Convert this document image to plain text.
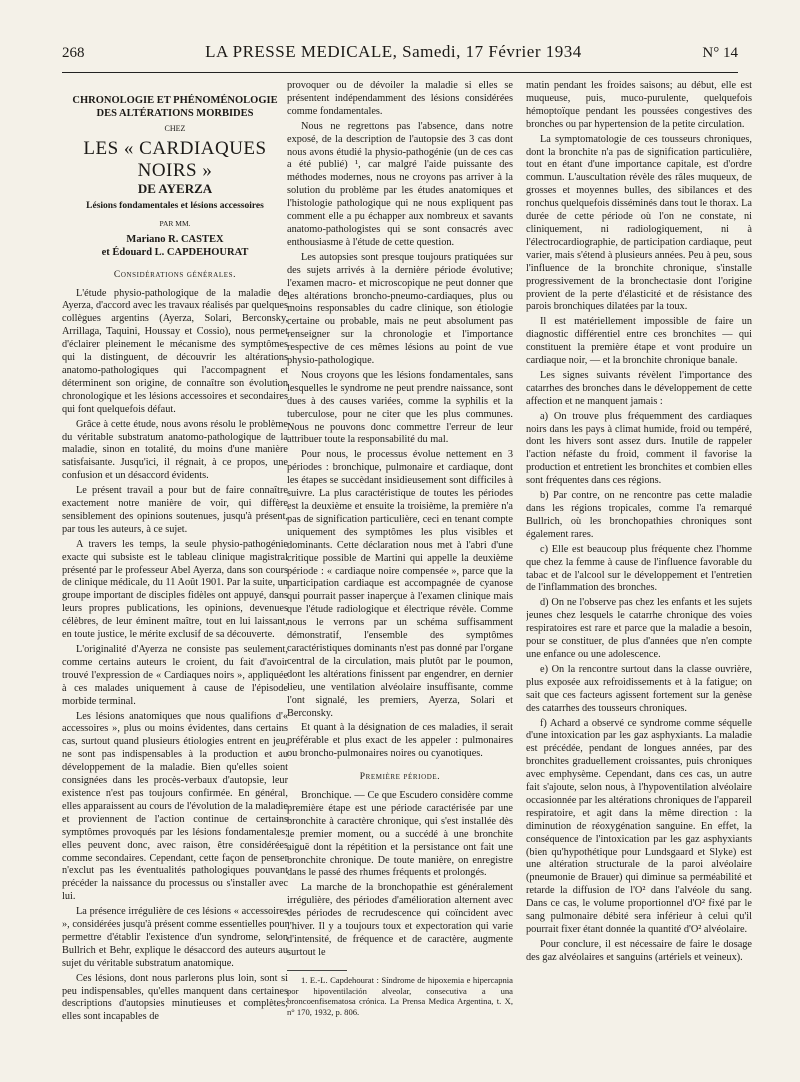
268	LA PRESSE MEDICALE, Samedi, 17 Février 1934	N° 14
CHRONOLOGIE ET PHÉNOMÉNOLOGIE
DES ALTÉRATIONS MORBIDES
CHEZ
LES « CARDIAQUES NOIRS »
DE AYERZA
Lésions fondamentales et lésions accessoires
PAR MM.
Mariano R. CASTEX
et Édouard L. CAPDEHOURAT
Considérations générales.

L'étude physio-pathologique de la maladie de Ayerza, d'accord avec les travaux réalisés par quelques collègues argentins (Ayerza, Solari, Berconsky, Arrillaga, Taquini, Houssay et Cossio), nous permet d'éclairer pleinement le mécanisme des symptômes qui la distinguent, de découvrir les altérations anatomo-pathologiques qui l'accompagnent et déterminent son origine, de connaître son évolution chronologique et les lésions accessoires et secondaires qui font quelquefois défaut.

Grâce à cette étude, nous avons résolu le problème du véritable substratum anatomo-pathologique de la maladie, sinon en totalité, du moins d'une manière satisfaisante. Jusqu'ici, il régnait, à ce propos, une confusion et un désaccord évidents.

Le présent travail a pour but de faire connaître exactement notre manière de voir, qui diffère sensiblement des opinions soutenues, jusqu'à présent, par tous les auteurs, à ce sujet.

A travers les temps, la seule physio-pathogénie exacte qui subsiste est le tableau clinique magistral présenté par le professeur Abel Ayerza, dans son cours de clinique médicale, du 11 Août 1901. Par la suite, un groupe important de disciples fidèles ont appuyé, dans leurs propres publications, les opinions, devenues célèbres, de leur éminent maître, tout en lui laissant, en toute justice, le mérite exclusif de sa découverte.

L'originalité d'Ayerza ne consiste pas seulement, comme certains auteurs le croient, du fait d'avoir trouvé l'expression de « Cardiaques noirs », appliquée à ces malades uniquement à cause de l'épisode morbide terminal.

Les lésions anatomiques que nous qualifions d'« accessoires », plus ou moins évidentes, dans certains cas, surtout quand plusieurs étiologies entrent en jeu, ne sont pas indispensables à la production et au développement de la maladie. Bien qu'elles soient consignées dans les procès-verbaux d'autopsie, leur existence n'est pas toujours confirmée. En général, elles apparaissent au cours de l'évolution de la maladie et proviennent de l'action continue de certains symptômes provoqués par les lésions fondamentales; elles peuvent donc, avec raison, être considérées comme secondaires. Cependant, cette façon de penser n'exclut pas les éventualités pathologiques pouvant précéder la naissance du processus ou s'installer avec lui.

La présence irrégulière de ces lésions « accessoires », considérées jusqu'à présent comme essentielles pour permettre d'établir l'existence d'un syndrome, selon Bullrich et Behr, explique le désaccord des auteurs au sujet du véritable substratum anatomique.

Ces lésions, dont nous parlerons plus loin, sont si peu indispensables, qu'elles manquent dans certaines descriptions d'autopsies minutieuses et complètes; elles sont incapables de

provoquer ou de dévoiler la maladie si elles se présentent indépendamment des lésions considérées comme fondamentales.

Nous ne regrettons pas l'absence, dans notre exposé, de la description de l'autopsie des 3 cas dont nous avons étudié la physio-pathogénie (un de ces cas a été publié) ¹, car malgré l'aide puissante des méthodes modernes, nous ne croyons pas arriver à la solution du problème par les études anatomiques et l'histologie pathologique qui ne nous expliquent pas comment elle a pu échapper aux nombreux et savants anatomo-pathologistes qui se sont consacrés avec enthousiasme à l'étude de cette question.

Les autopsies sont presque toujours pratiquées sur des sujets arrivés à la dernière période évolutive; l'examen macro- et microscopique ne peut donner que les altérations broncho-pneumo-cardiaques, plus ou moins responsables du cadre clinique, son étiologie certaine ou probable, mais ne peut absolument pas renseigner sur la chronologie et l'importance respective de ces mêmes lésions au point de vue physio-pathologique.

Nous croyons que les lésions fondamentales, sans lesquelles le syndrome ne peut prendre naissance, sont dues à des causes variées, comme la syphilis et la tuberculose, pour ne citer que les plus communes. Nous ne pouvons donc commettre l'erreur de leur attribuer toute la responsabilité du mal.

Pour nous, le processus évolue nettement en 3 périodes : bronchique, pulmonaire et cardiaque, dont les étapes se succèdant insidieusement sont difficiles à suivre. La plus caractéristique de toutes les périodes est la deuxième et ensuite la troisième, la première n'a pas de signification particulière, ceci en tenant compte uniquement des symptômes les plus visibles et dominants. Cette déclaration nous met à l'abri d'une critique possible de Martini qui appelle la deuxième période : « cardiaque noire compensée », parce que la participation cardiaque est accompagnée de cyanose qui pourrait passer inaperçue à l'examen clinique mais que l'étude radiologique et électrique révèle. Comme nous le verrons par un schéma suffisamment démonstratif, l'ensemble des symptômes caractéristiques dominants n'est pas donné par l'organe central de la circulation, mais plutôt par le poumon, dont les altérations finissent par engendrer, en dernier lieu, une ventilation alvéolaire insuffisante, comme l'ont signalé, les premiers, Ayerza, Solari et Berconsky.

Et quant à la désignation de ces maladies, il serait préférable et plus exact de les appeler : pulmonaires ou broncho-pulmonaires noires ou cyanotiques.

Première période.

Bronchique. — Ce que Escudero considère comme première étape est une période caractérisée par une bronchite à caractère chronique, qui s'est installée dès le premier moment, ou a succédé à une bronchite aiguë dont la répétition et la persistance ont fait une bronchite chronique. De toute manière, on enregistre dans le passé des rhumes fréquents et prolongés.

La marche de la bronchopathie est généralement irrégulière, des périodes d'amélioration alternent avec des périodes de recrudescence qui coïncident avec l'hiver. Il y a toujours toux et expectoration qui varie d'intensité, de fréquence et de caractère, augmente surtout le

1. E.-L. Capdehourat : Síndrome de hipoxemia e hipercapnia por hipoventilación alveolar, consecutiva a una broncoenfisematosa crónica. La Prensa Medica Argentina, t. X, n° 170, 1932, p. 806.

matin pendant les froides saisons; au début, elle est muqueuse, puis, muco-purulente, quelquefois hémoptoïque pendant les poussées congestives des bronches ou par hypertension de la petite circulation.

La symptomatologie de ces tousseurs chroniques, dont la bronchite n'a pas de signification particulière, tout en étant d'une importance capitale, est d'ordre commun. L'auscultation révèle des râles muqueux, de grosses et moyennes bulles, des sibilances et des ronchus quelquefois disséminés dans tout le thorax. La durée de cette période où l'on ne constate, ni cliniquement, ni radiologiquement, ni à l'électrocardiographie, de participation cardiaque, peut varier, mais s'étend à plusieurs années. Peu à peu, sous l'influence de la bronchite chronique, s'installe progressivement de la bronchectasie dont l'origine provient de la perte d'élasticité et de résistance des parois bronchiques dilatées par la toux.

Il est matériellement impossible de faire un diagnostic différentiel entre ces bronchites — qui constituent la première étape et vont produire un cardiaque noir, — et la bronchite chronique banale.

Les signes suivants révèlent l'importance des catarrhes des bronches dans le développement de cette affection et ne manquent jamais :

a) On trouve plus fréquemment des cardiaques noirs dans les pays à climat humide, froid ou tempéré, dont les hivers sont assez durs. Inutile de rappeler l'action néfaste du froid, comment il favorise la production et entretient les bronchites et combien elles sont fréquentes dans ces régions.

b) Par contre, on ne rencontre pas cette maladie dans les régions tropicales, comme l'a remarqué Bullrich, où les bronchopathies chroniques sont également rares.

c) Elle est beaucoup plus fréquente chez l'homme que chez la femme à cause de l'influence favorable du tabac et de l'alcool sur le développement et l'entretien de l'inflammation des bronches.

d) On ne l'observe pas chez les enfants et les sujets jeunes chez lesquels le catarrhe chronique des voies respiratoires est rare et parce que la maladie a besoin, pour se constituer, de plus d'années que n'en compte une enfance ou une adolescence.

e) On la rencontre surtout dans la classe ouvrière, plus exposée aux refroidissements et à la fatigue; on sait que ces facteurs agissent fortement sur la genèse des catarrhes des tousseurs chroniques.

f) Achard a observé ce syndrome comme séquelle d'une intoxication par les gaz asphyxiants. La maladie est précédée, pendant de longues années, par des bronchites graduellement croissantes, puis chroniques avec emphysème. Cependant, dans ces cas, un autre fait s'ajoute, selon nous, à l'hypoventilation alvéolaire occasionnée par les altérations chroniques de l'appareil respiratoire, et agit dans la même direction : la diminution de réoxygénation sanguine. En effet, la conséquence de l'intoxication par les gaz asphyxiants (bien qu'hypothétique pour Lundsgaard et Slyke) est une altération structurale de la paroi alvéolaire (pneumonie de Brauer) qui diminue sa perméabilité et retarde la diffusion de l'O² dans l'alvéole du sang. Dans ce cas, le volume proportionnel d'O² fixé par le sang pulmonaire débité sera inférieur à celui qu'il pourrait fixer étant donnée la quantité d'O² alvéolaire.

Pour conclure, il est nécessaire de faire le dosage des gaz alvéolaires et sanguins (artériels et veineux).
